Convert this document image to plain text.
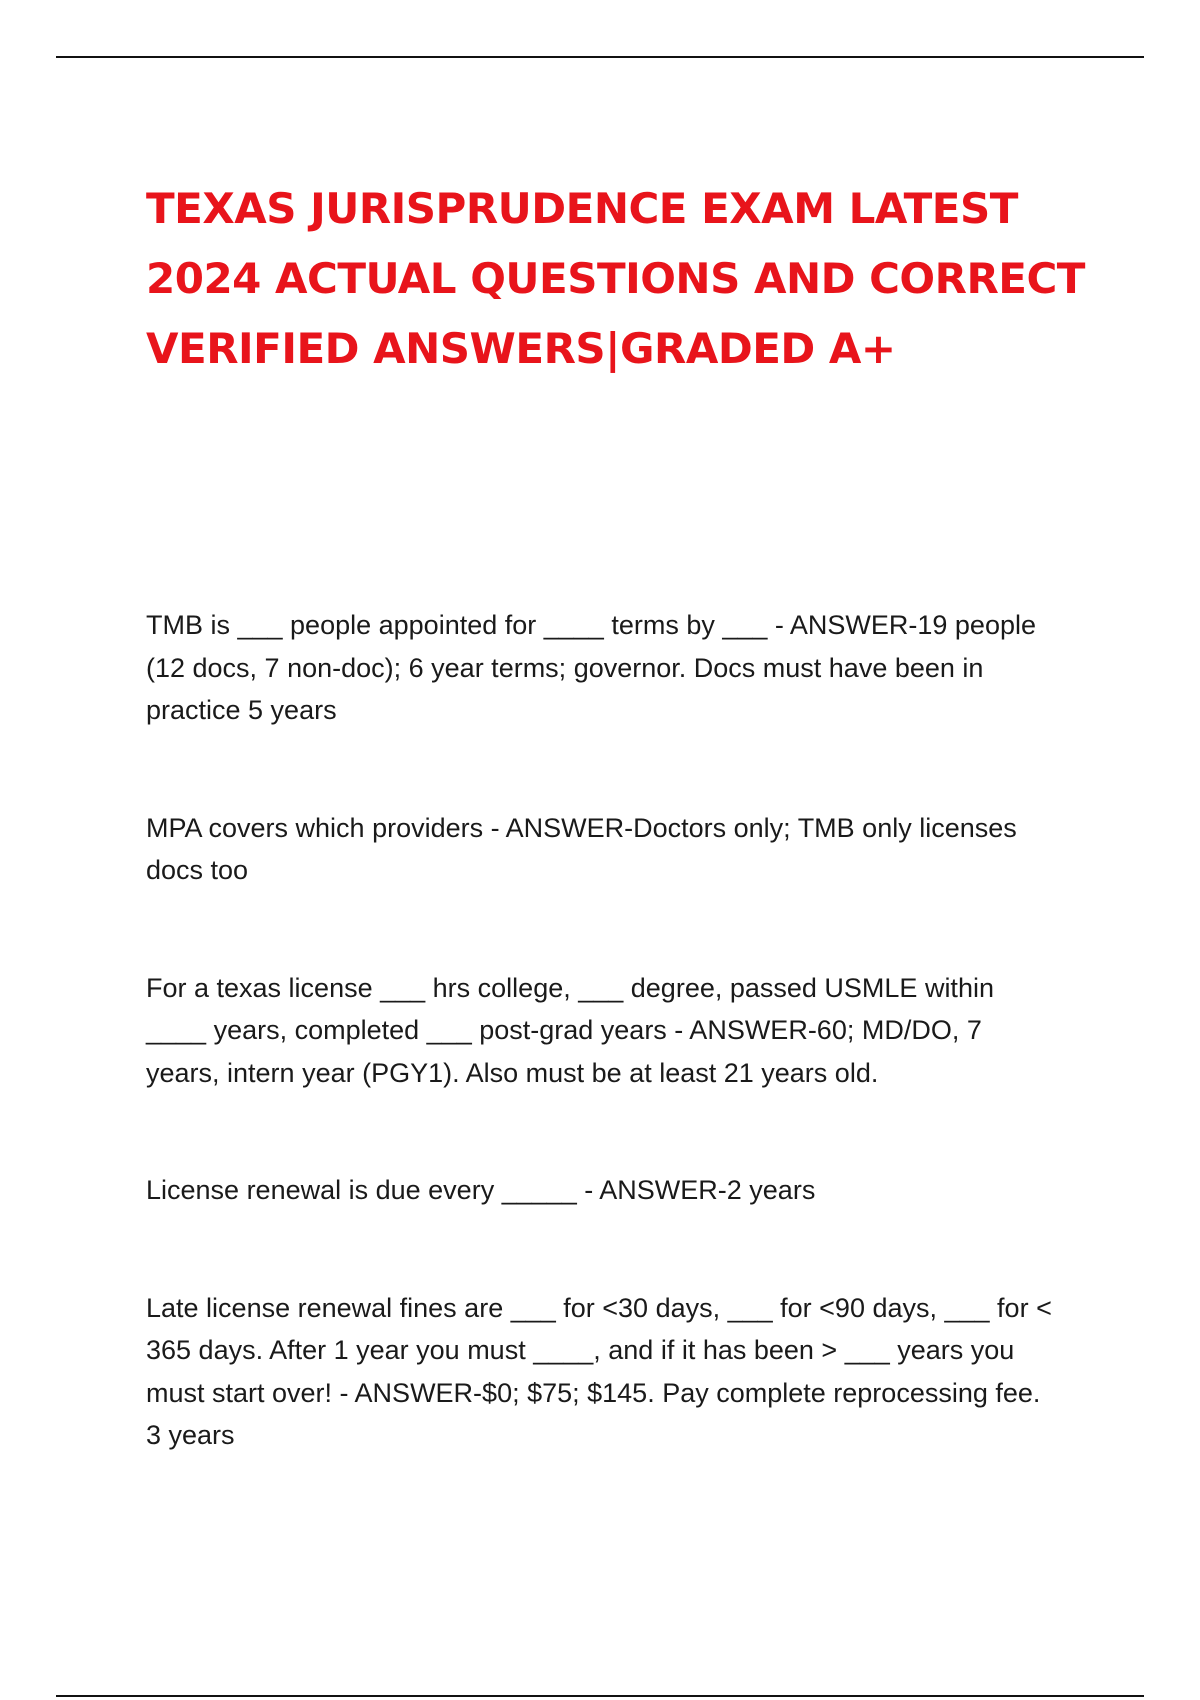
TEXAS JURISPRUDENCE EXAM LATEST 2024 ACTUAL QUESTIONS AND CORRECT VERIFIED ANSWERS|GRADED A+

TMB is ___ people appointed for ____ terms by ___ - ANSWER-19 people (12 docs, 7 non-doc); 6 year terms; governor. Docs must have been in practice 5 years

MPA covers which providers - ANSWER-Doctors only; TMB only licenses docs too

For a texas license ___ hrs college, ___ degree, passed USMLE within ____ years, completed ___ post-grad years - ANSWER-60; MD/DO, 7 years, intern year (PGY1). Also must be at least 21 years old.

License renewal is due every _____ - ANSWER-2 years

Late license renewal fines are ___ for <30 days, ___ for <90 days, ___ for < 365 days. After 1 year you must ____, and if it has been > ___ years you must start over! - ANSWER-$0; $75; $145. Pay complete reprocessing fee. 3 years
